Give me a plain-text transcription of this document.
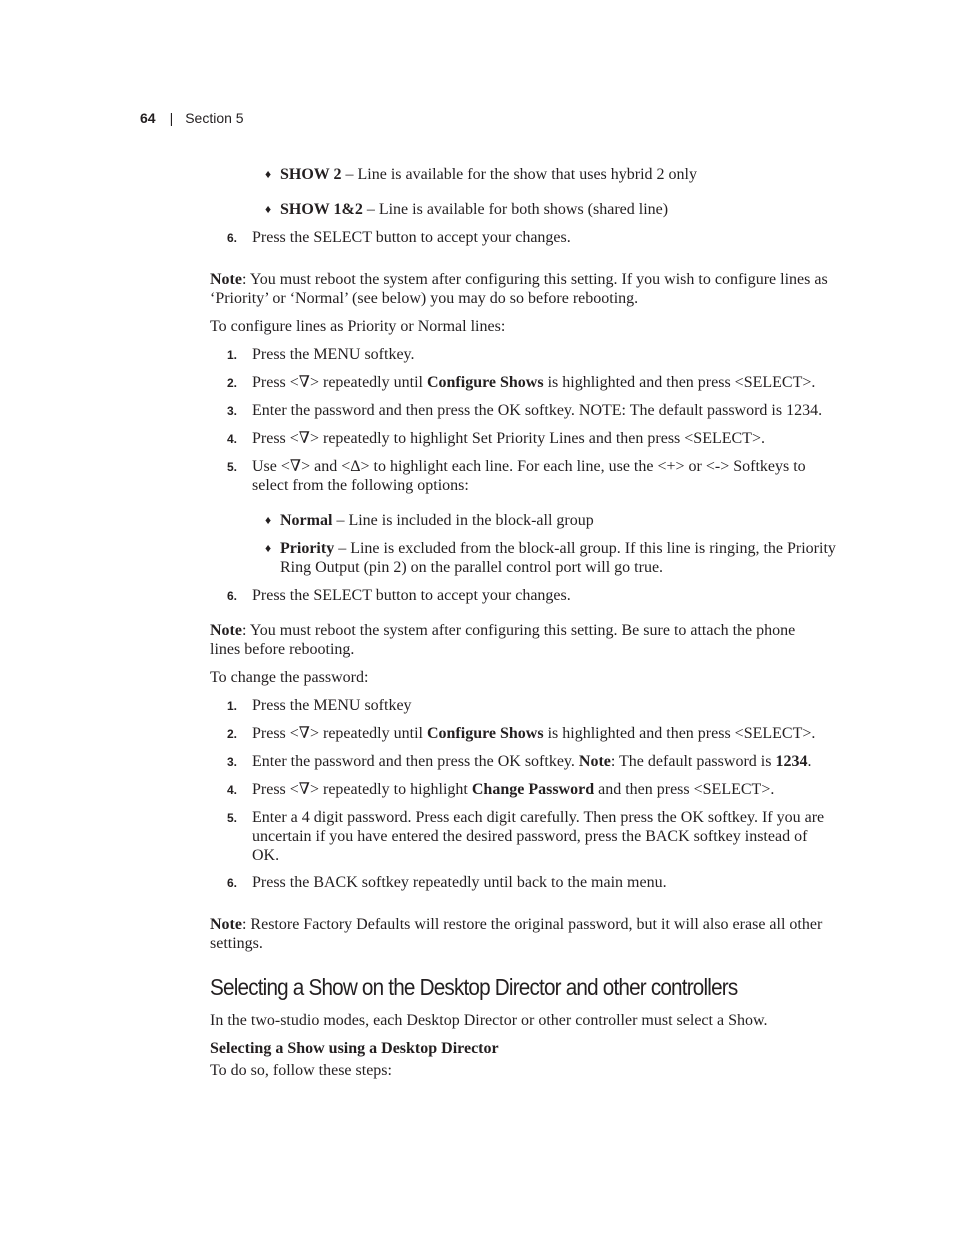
64 | Section 5
♦ SHOW 2 – Line is available for the show that uses hybrid 2 only
♦ SHOW 1&2 – Line is available for both shows (shared line)
6. Press the SELECT button to accept your changes.
Note: You must reboot the system after configuring this setting. If you wish to configure lines as ‘Priority’ or ‘Normal’ (see below) you may do so before rebooting.
To configure lines as Priority or Normal lines:
1. Press the MENU softkey.
2. Press <∇> repeatedly until Configure Shows is highlighted and then press <SELECT>.
3. Enter the password and then press the OK softkey. NOTE: The default password is 1234.
4. Press <∇> repeatedly to highlight Set Priority Lines and then press <SELECT>.
5. Use <∇> and <Δ> to highlight each line. For each line, use the <+> or <-> Softkeys to select from the following options:
♦ Normal – Line is included in the block-all group
♦ Priority – Line is excluded from the block-all group. If this line is ringing, the Priority Ring Output (pin 2) on the parallel control port will go true.
6. Press the SELECT button to accept your changes.
Note: You must reboot the system after configuring this setting. Be sure to attach the phone lines before rebooting.
To change the password:
1. Press the MENU softkey
2. Press <∇> repeatedly until Configure Shows is highlighted and then press <SELECT>.
3. Enter the password and then press the OK softkey. Note: The default password is 1234.
4. Press <∇> repeatedly to highlight Change Password and then press <SELECT>.
5. Enter a 4 digit password. Press each digit carefully. Then press the OK softkey. If you are uncertain if you have entered the desired password, press the BACK softkey instead of OK.
6. Press the BACK softkey repeatedly until back to the main menu.
Note: Restore Factory Defaults will restore the original password, but it will also erase all other settings.
Selecting a Show on the Desktop Director and other controllers
In the two-studio modes, each Desktop Director or other controller must select a Show.
Selecting a Show using a Desktop Director
To do so, follow these steps:
